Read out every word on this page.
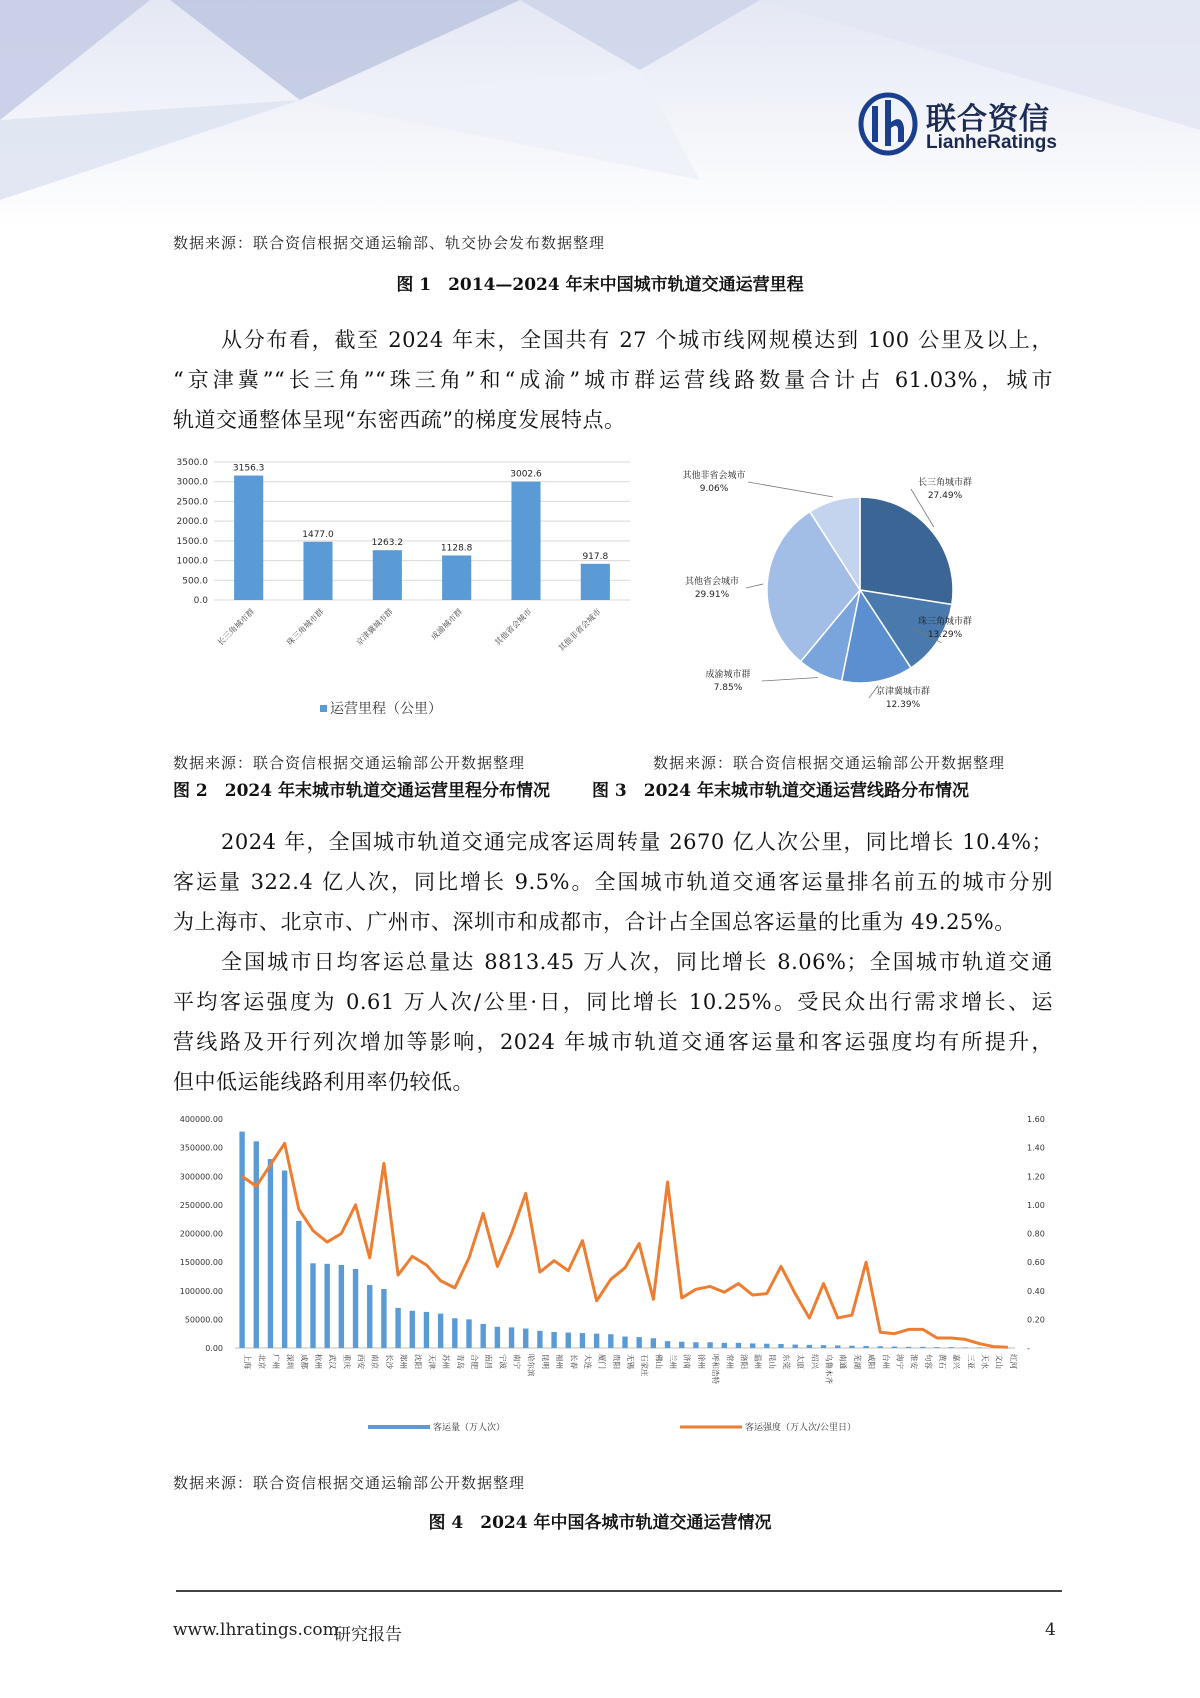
联合资信
LianheRatings
数据来源：联合资信根据交通运输部、轨交协会发布数据整理
图 1　2014—2024 年末中国城市轨道交通运营里程

从分布看，截至 2024 年末，全国共有 27 个城市线网规模达到 100 公里及以上，

“京津冀”“长三角”“珠三角”和“成渝”城市群运营线路数量合计占 61.03%，城市

轨道交通整体呈现“东密西疏”的梯度发展特点。

0.0
500.0
1000.0
1500.0
2000.0
2500.0
3000.0
3500.0
3156.3
长三角城市群
1477.0
珠三角城市群
1263.2
京津冀城市群
1128.8
成渝城市群
3002.6
其他省会城市
917.8
其他非省会城市
运营里程（公里）
长三角城市群
27.49%
珠三角城市群
13.29%
京津冀城市群
12.39%
成渝城市群
7.85%
其他省会城市
29.91%
其他非省会城市
9.06%
数据来源：联合资信根据交通运输部公开数据整理	数据来源：联合资信根据交通运输部公开数据整理
图 2　2024 年末城市轨道交通运营里程分布情况 图 3　2024 年末城市轨道交通运营线路分布情况

2024 年，全国城市轨道交通完成客运周转量 2670 亿人次公里，同比增长 10.4%；

客运量 322.4 亿人次，同比增长 9.5%。全国城市轨道交通客运量排名前五的城市分别

为上海市、北京市、广州市、深圳市和成都市，合计占全国总客运量的比重为 49.25%。

全国城市日均客运总量达 8813.45 万人次，同比增长 8.06%；全国城市轨道交通

平均客运强度为 0.61 万人次/公里·日，同比增长 10.25%。受民众出行需求增长、运

营线路及开行列次增加等影响，2024 年城市轨道交通客运量和客运强度均有所提升，

但中低运能线路利用率仍较低。

0.00
50000.00
100000.00
150000.00
200000.00
250000.00
300000.00
350000.00
400000.00
-
0.20
0.40
0.60
0.80
1.00
1.20
1.40
1.60
上海 北京 广州 深圳 成都 杭州 武汉 重庆 西安 南京 长沙 郑州 沈阳 天津 苏州 青岛 合肥 南昌 宁波 南宁 哈尔滨 昆明 福州 长春 大连 厦门 贵阳 无锡 石家庄 佛山 兰州 济南 徐州 呼和浩特 常州 洛阳 温州 昆山 东莞 太原 绍兴 乌鲁木齐 南通 芜湖 咸阳 台州 海宁 淮安 句容 黄石 嘉兴 三亚 天水 文山 红河
客运量（万人次）	客运强度（万人次/公里日）
数据来源：联合资信根据交通运输部公开数据整理
图 4　2024 年中国各城市轨道交通运营情况
www.lhratings.com
研究报告	4
